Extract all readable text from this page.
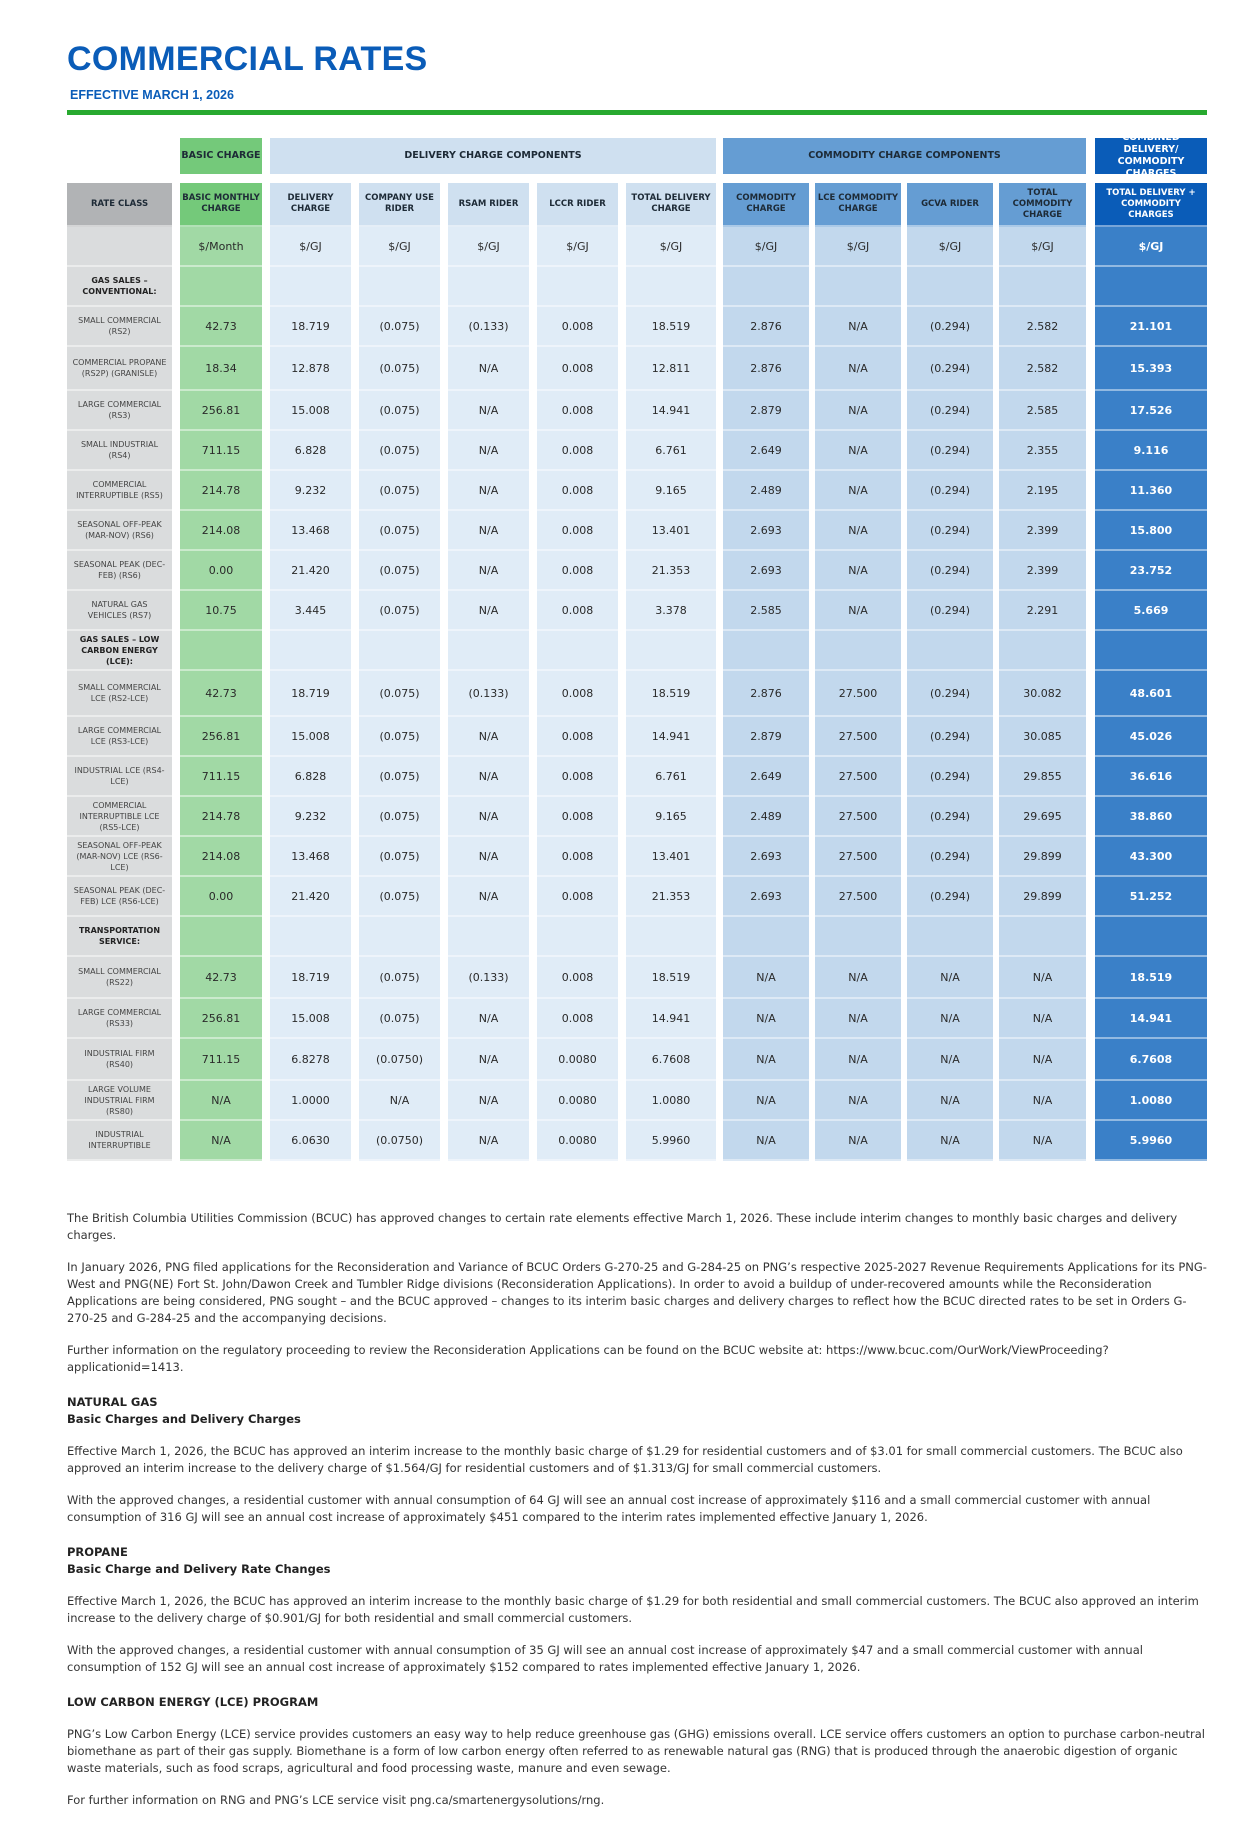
COMMERCIAL RATES
EFFECTIVE MARCH 1, 2026
BASIC CHARGE	DELIVERY CHARGE COMPONENTS	COMMODITY CHARGE COMPONENTS
COMBINED DELIVERY/ COMMODITY CHARGES
RATE CLASS
GAS SALES – CONVENTIONAL:
SMALL COMMERCIAL (RS2)
COMMERCIAL PROPANE (RS2P) (GRANISLE)
LARGE COMMERCIAL (RS3)
SMALL INDUSTRIAL (RS4)
COMMERCIAL INTERRUPTIBLE (RS5)
SEASONAL OFF-PEAK (MAR-NOV) (RS6)
SEASONAL PEAK (DEC-FEB) (RS6)
NATURAL GAS VEHICLES (RS7)
GAS SALES – LOW CARBON ENERGY (LCE):
SMALL COMMERCIAL LCE (RS2-LCE)
LARGE COMMERCIAL LCE (RS3-LCE)
INDUSTRIAL LCE (RS4-LCE)
COMMERCIAL INTERRUPTIBLE LCE (RS5-LCE)
SEASONAL OFF-PEAK (MAR-NOV) LCE (RS6-LCE)
SEASONAL PEAK (DEC-FEB) LCE (RS6-LCE)
TRANSPORTATION SERVICE:
SMALL COMMERCIAL (RS22)
LARGE COMMERCIAL (RS33)
INDUSTRIAL FIRM (RS40)
LARGE VOLUME INDUSTRIAL FIRM (RS80)
INDUSTRIAL INTERRUPTIBLE
BASIC MONTHLY CHARGE
$/Month
42.73
18.34
256.81
711.15
214.78
214.08
0.00
10.75
42.73
256.81
711.15
214.78
214.08
0.00
42.73
256.81
711.15
N/A
N/A
DELIVERY CHARGE
$/GJ
18.719
12.878
15.008
6.828
9.232
13.468
21.420
3.445
18.719
15.008
6.828
9.232
13.468
21.420
18.719
15.008
6.8278
1.0000
6.0630
COMPANY USE RIDER
$/GJ
(0.075)
(0.075)
(0.075)
(0.075)
(0.075)
(0.075)
(0.075)
(0.075)
(0.075)
(0.075)
(0.075)
(0.075)
(0.075)
(0.075)
(0.075)
(0.075)
(0.0750)
N/A
(0.0750)
RSAM RIDER
$/GJ
(0.133)
N/A
N/A
N/A
N/A
N/A
N/A
N/A
(0.133)
N/A
N/A
N/A
N/A
N/A
(0.133)
N/A
N/A
N/A
N/A
LCCR RIDER
$/GJ
0.008
0.008
0.008
0.008
0.008
0.008
0.008
0.008
0.008
0.008
0.008
0.008
0.008
0.008
0.008
0.008
0.0080
0.0080
0.0080
TOTAL DELIVERY CHARGE
$/GJ
18.519
12.811
14.941
6.761
9.165
13.401
21.353
3.378
18.519
14.941
6.761
9.165
13.401
21.353
18.519
14.941
6.7608
1.0080
5.9960
COMMODITY CHARGE
$/GJ
2.876
2.876
2.879
2.649
2.489
2.693
2.693
2.585
2.876
2.879
2.649
2.489
2.693
2.693
N/A
N/A
N/A
N/A
N/A
LCE COMMODITY CHARGE
$/GJ
N/A
N/A
N/A
N/A
N/A
N/A
N/A
N/A
27.500
27.500
27.500
27.500
27.500
27.500
N/A
N/A
N/A
N/A
N/A
GCVA RIDER
$/GJ
(0.294)
(0.294)
(0.294)
(0.294)
(0.294)
(0.294)
(0.294)
(0.294)
(0.294)
(0.294)
(0.294)
(0.294)
(0.294)
(0.294)
N/A
N/A
N/A
N/A
N/A
TOTAL COMMODITY CHARGE
$/GJ
2.582
2.582
2.585
2.355
2.195
2.399
2.399
2.291
30.082
30.085
29.855
29.695
29.899
29.899
N/A
N/A
N/A
N/A
N/A
TOTAL DELIVERY + COMMODITY CHARGES
$/GJ
21.101
15.393
17.526
9.116
11.360
15.800
23.752
5.669
48.601
45.026
36.616
38.860
43.300
51.252
18.519
14.941
6.7608
1.0080
5.9960

The British Columbia Utilities Commission (BCUC) has approved changes to certain rate elements effective March 1, 2026. These include interim changes to monthly basic charges and delivery charges.

In January 2026, PNG filed applications for the Reconsideration and Variance of BCUC Orders G-270-25 and G-284-25 on PNG’s respective 2025-2027 Revenue Requirements Applications for its PNG-West and PNG(NE) Fort St. John/Dawon Creek and Tumbler Ridge divisions (Reconsideration Applications). In order to avoid a buildup of under-recovered amounts while the Reconsideration Applications are being considered, PNG sought – and the BCUC approved – changes to its interim basic charges and delivery charges to reflect how the BCUC directed rates to be set in Orders G-270-25 and G-284-25 and the accompanying decisions.

Further information on the regulatory proceeding to review the Reconsideration Applications can be found on the BCUC website at: https://www.bcuc.com/OurWork/ViewProceeding?applicationid=1413.

NATURAL GAS
Basic Charges and Delivery Charges

Effective March 1, 2026, the BCUC has approved an interim increase to the monthly basic charge of $1.29 for residential customers and of $3.01 for small commercial customers. The BCUC also approved an interim increase to the delivery charge of $1.564/GJ for residential customers and of $1.313/GJ for small commercial customers.

With the approved changes, a residential customer with annual consumption of 64 GJ will see an annual cost increase of approximately $116 and a small commercial customer with annual consumption of 316 GJ will see an annual cost increase of approximately $451 compared to the interim rates implemented effective January 1, 2026.

PROPANE
Basic Charge and Delivery Rate Changes

Effective March 1, 2026, the BCUC has approved an interim increase to the monthly basic charge of $1.29 for both residential and small commercial customers. The BCUC also approved an interim increase to the delivery charge of $0.901/GJ for both residential and small commercial customers.

With the approved changes, a residential customer with annual consumption of 35 GJ will see an annual cost increase of approximately $47 and a small commercial customer with annual consumption of 152 GJ will see an annual cost increase of approximately $152 compared to rates implemented effective January 1, 2026.

LOW CARBON ENERGY (LCE) PROGRAM

PNG’s Low Carbon Energy (LCE) service provides customers an easy way to help reduce greenhouse gas (GHG) emissions overall. LCE service offers customers an option to purchase carbon-neutral biomethane as part of their gas supply. Biomethane is a form of low carbon energy often referred to as renewable natural gas (RNG) that is produced through the anaerobic digestion of organic waste materials, such as food scraps, agricultural and food processing waste, manure and even sewage.

For further information on RNG and PNG’s LCE service visit png.ca/smartenergysolutions/rng.
